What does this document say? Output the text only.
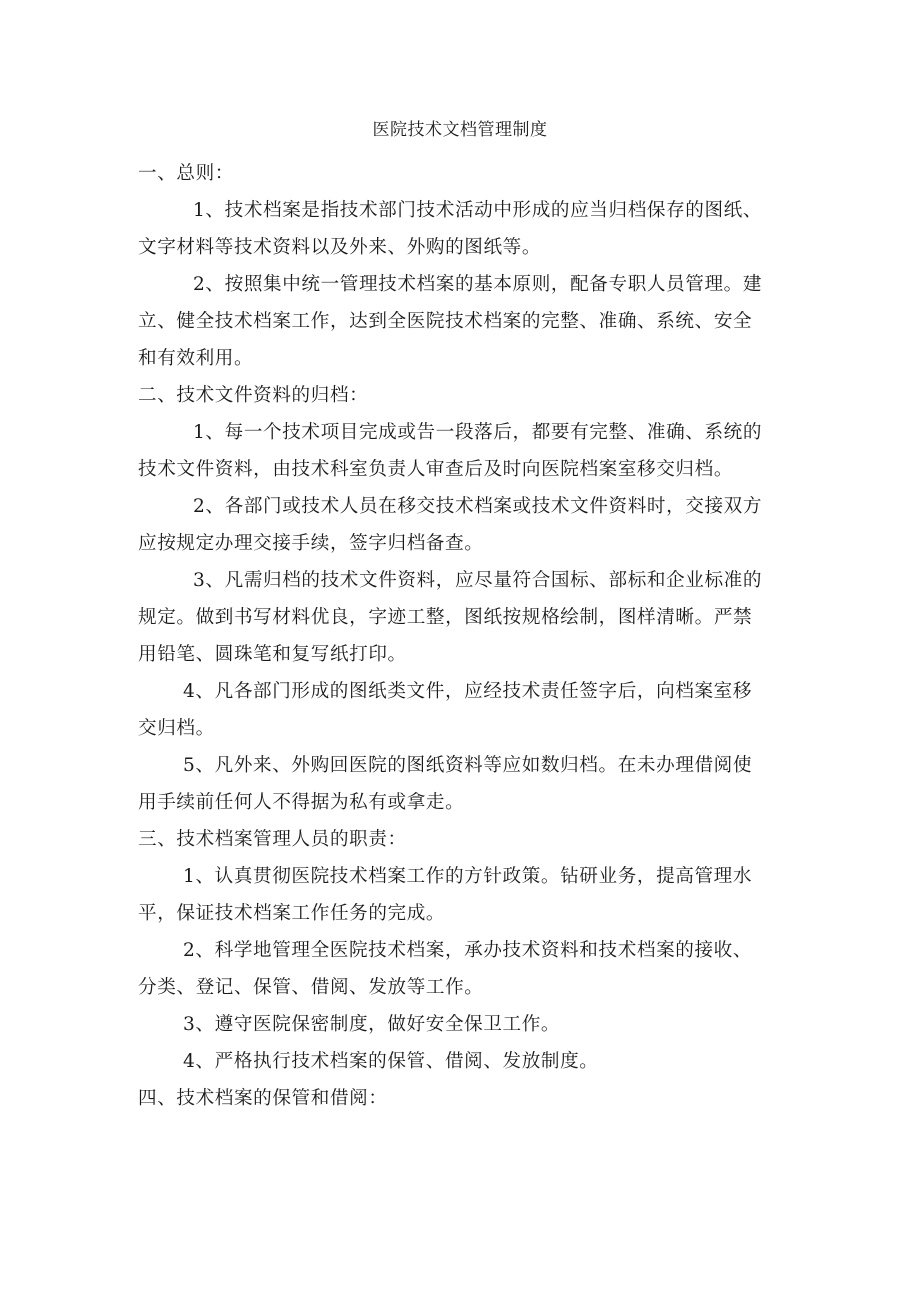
医院技术文档管理制度
一、总则：
1、技术档案是指技术部门技术活动中形成的应当归档保存的图纸、
文字材料等技术资料以及外来、外购的图纸等。
2、按照集中统一管理技术档案的基本原则，配备专职人员管理。建
立、健全技术档案工作，达到全医院技术档案的完整、准确、系统、安全
和有效利用。
二、技术文件资料的归档：
1、每一个技术项目完成或告一段落后，都要有完整、准确、系统的
技术文件资料，由技术科室负责人审查后及时向医院档案室移交归档。
2、各部门或技术人员在移交技术档案或技术文件资料时，交接双方
应按规定办理交接手续，签字归档备查。
3、凡需归档的技术文件资料，应尽量符合国标、部标和企业标准的
规定。做到书写材料优良，字迹工整，图纸按规格绘制，图样清晰。严禁
用铅笔、圆珠笔和复写纸打印。
4、凡各部门形成的图纸类文件，应经技术责任签字后，向档案室移
交归档。
5、凡外来、外购回医院的图纸资料等应如数归档。在未办理借阅使
用手续前任何人不得据为私有或拿走。
三、技术档案管理人员的职责：
1、认真贯彻医院技术档案工作的方针政策。钻研业务，提高管理水
平，保证技术档案工作任务的完成。
2、科学地管理全医院技术档案，承办技术资料和技术档案的接收、
分类、登记、保管、借阅、发放等工作。
3、遵守医院保密制度，做好安全保卫工作。
4、严格执行技术档案的保管、借阅、发放制度。
四、技术档案的保管和借阅：
